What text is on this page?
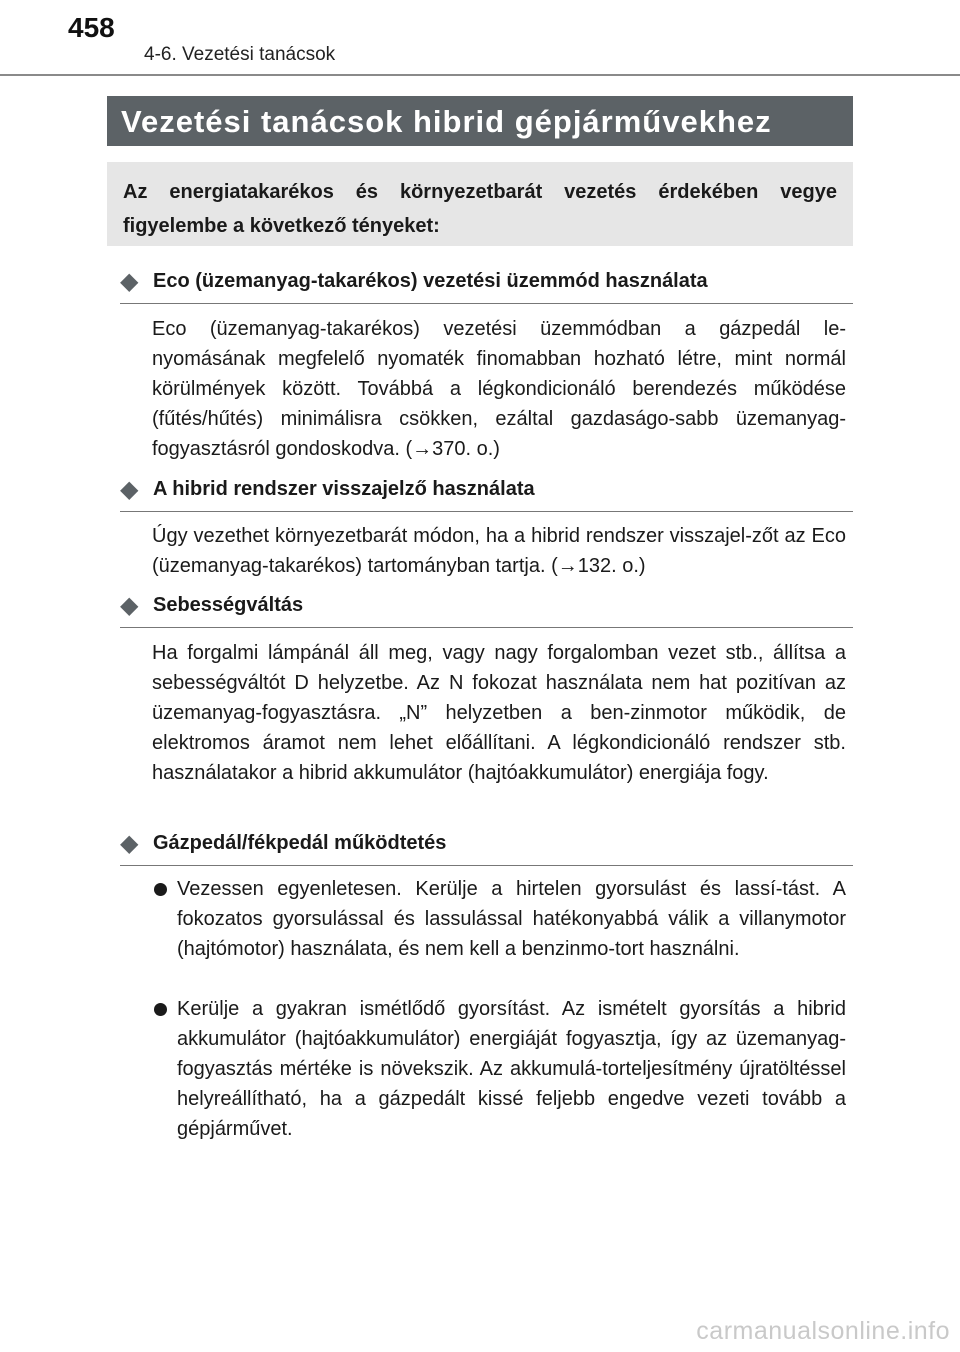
458
4-6. Vezetési tanácsok
Vezetési tanácsok hibrid gépjárművekhez
Az energiatakarékos és környezetbarát vezetés érdekében vegye figyelembe a következő tényeket:
◆ Eco (üzemanyag-takarékos) vezetési üzemmód használata
Eco (üzemanyag-takarékos) vezetési üzemmódban a gázpedál le-nyomásának megfelelő nyomaték finomabban hozható létre, mint normál körülmények között. Továbbá a légkondicionáló berendezés működése (fűtés/hűtés) minimálisra csökken, ezáltal gazdaságo-sabb üzemanyag-fogyasztásról gondoskodva. (→370. o.)
◆ A hibrid rendszer visszajelző használata
Úgy vezethet környezetbarát módon, ha a hibrid rendszer visszajel-zőt az Eco (üzemanyag-takarékos) tartományban tartja. (→132. o.)
◆ Sebességváltás
Ha forgalmi lámpánál áll meg, vagy nagy forgalomban vezet stb., állítsa a sebességváltót D helyzetbe. Az N fokozat használata nem hat pozitívan az üzemanyag-fogyasztásra. „N” helyzetben a ben-zinmotor működik, de elektromos áramot nem lehet előállítani. A légkondicionáló rendszer stb. használatakor a hibrid akkumulátor (hajtóakkumulátor) energiája fogy.
◆ Gázpedál/fékpedál működtetés
Vezessen egyenletesen. Kerülje a hirtelen gyorsulást és lassí-tást. A fokozatos gyorsulással és lassulással hatékonyabbá válik a villanymotor (hajtómotor) használata, és nem kell a benzinmo-tort használni.
Kerülje a gyakran ismétlődő gyorsítást. Az ismételt gyorsítás a hibrid akkumulátor (hajtóakkumulátor) energiáját fogyasztja, így az üzemanyag-fogyasztás mértéke is növekszik. Az akkumulá-torteljesítmény újratöltéssel helyreállítható, ha a gázpedált kissé feljebb engedve vezeti tovább a gépjárművet.
carmanualsonline.info
